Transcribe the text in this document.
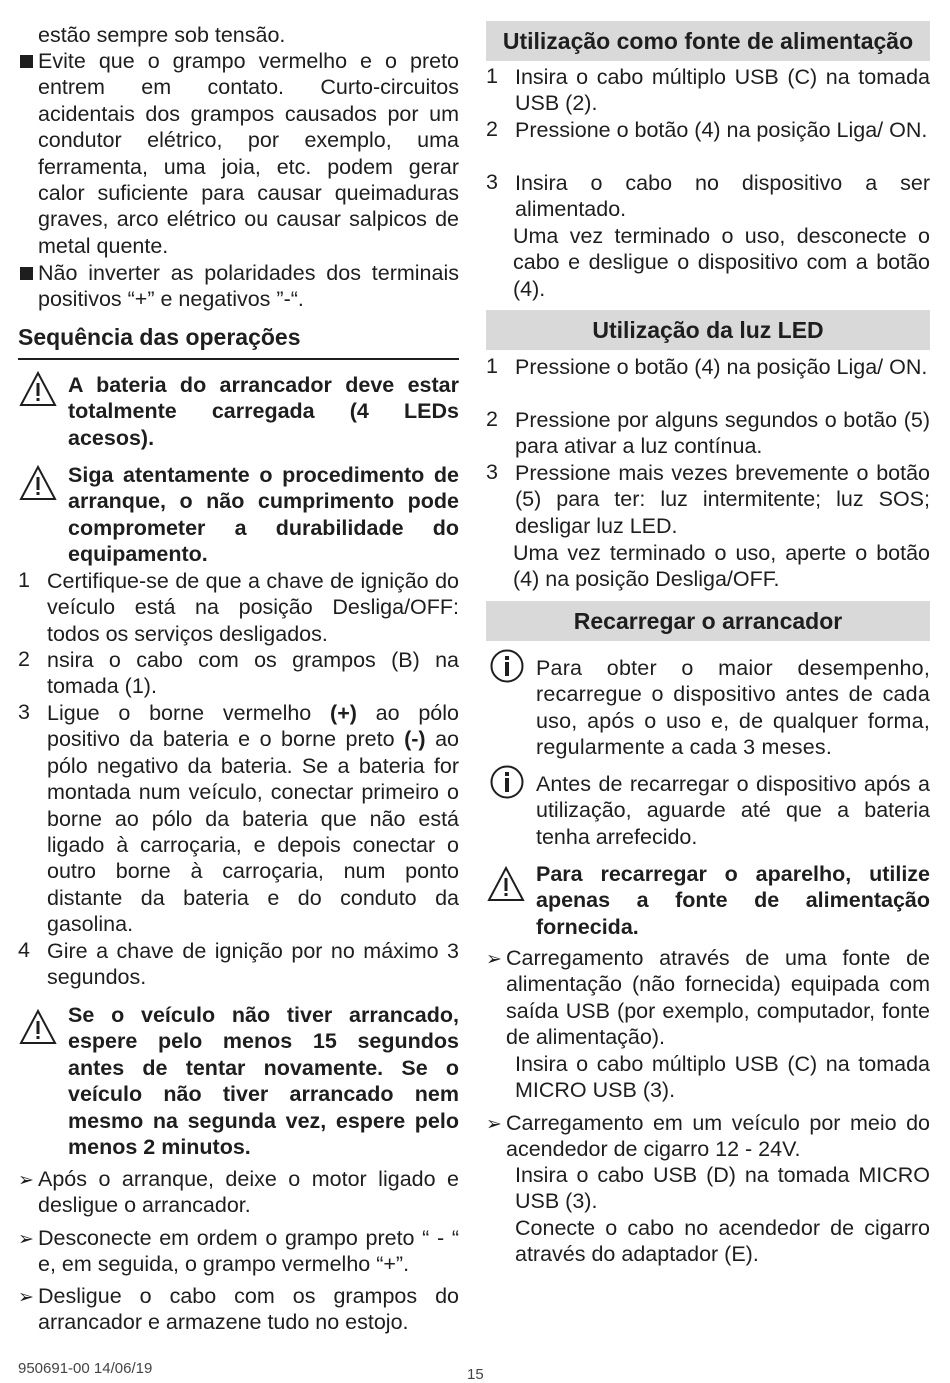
estão sempre sob tensão.
Evite que o grampo vermelho e o preto entrem em contato. Curto-circuitos acidentais dos grampos causados por um condutor elétrico, por exemplo, uma ferramenta, uma joia, etc. podem gerar calor suficiente para causar queimaduras graves, arco elétrico ou causar salpicos de metal quente.
Não inverter as polaridades dos terminais positivos “+” e negativos ”-“.
Sequência das operações
A bateria do arrancador deve estar totalmente carregada (4 LEDs acesos).
Siga atentamente o procedimento de arranque, o não cumprimento pode comprometer a durabilidade do equipamento.
1 Certifique-se de que a chave de ignição do veículo está na posição Desliga/OFF: todos os serviços desligados.
2 nsira o cabo com os grampos (B) na tomada (1).
3 Ligue o borne vermelho (+) ao pólo positivo da bateria e o borne preto (-) ao pólo negativo da bateria. Se a bateria for montada num veículo, conectar primeiro o borne ao pólo da bateria que não está ligado à carroçaria, e depois conectar o outro borne à carroçaria, num ponto distante da bateria e do conduto da gasolina.
4 Gire a chave de ignição por no máximo 3 segundos.
Se o veículo não tiver arrancado, espere pelo menos 15 segundos antes de tentar novamente. Se o veículo não tiver arrancado nem mesmo na segunda vez, espere pelo menos 2 minutos.
➢ Após o arranque, deixe o motor ligado e desligue o arrancador.
➢ Desconecte em ordem o grampo preto “ - “ e, em seguida, o grampo vermelho “+”.
➢ Desligue o cabo com os grampos do arrancador e armazene tudo no estojo.
Utilização como fonte de alimentação
1 Insira o cabo múltiplo USB (C) na tomada USB (2).
2 Pressione o botão (4) na posição Liga/ ON.
3 Insira o cabo no dispositivo a ser alimentado.
Uma vez terminado o uso, desconecte o cabo e desligue o dispositivo com a botão (4).
Utilização da luz LED
1 Pressione o botão (4) na posição Liga/ ON.
2 Pressione por alguns segundos o botão (5) para ativar a luz contínua.
3 Pressione mais vezes brevemente o botão (5) para ter: luz intermitente; luz SOS; desligar luz LED.
Uma vez terminado o uso, aperte o botão (4) na posição Desliga/OFF.
Recarregar o arrancador
Para obter o maior desempenho, recarregue o dispositivo antes de cada uso, após o uso e, de qualquer forma, regularmente a cada 3 meses.
Antes de recarregar o dispositivo após a utilização, aguarde até que a bateria tenha arrefecido.
Para recarregar o aparelho, utilize apenas a fonte de alimentação fornecida.
➢ Carregamento através de uma fonte de alimentação (não fornecida) equipada com saída USB (por exemplo, computador, fonte de alimentação).
Insira o cabo múltiplo USB (C) na tomada MICRO USB (3).
➢ Carregamento em um veículo por meio do acendedor de cigarro 12 - 24V.
Insira o cabo USB (D) na tomada MICRO USB (3).
Conecte o cabo no acendedor de cigarro através do adaptador (E).
950691-00 14/06/19	15
